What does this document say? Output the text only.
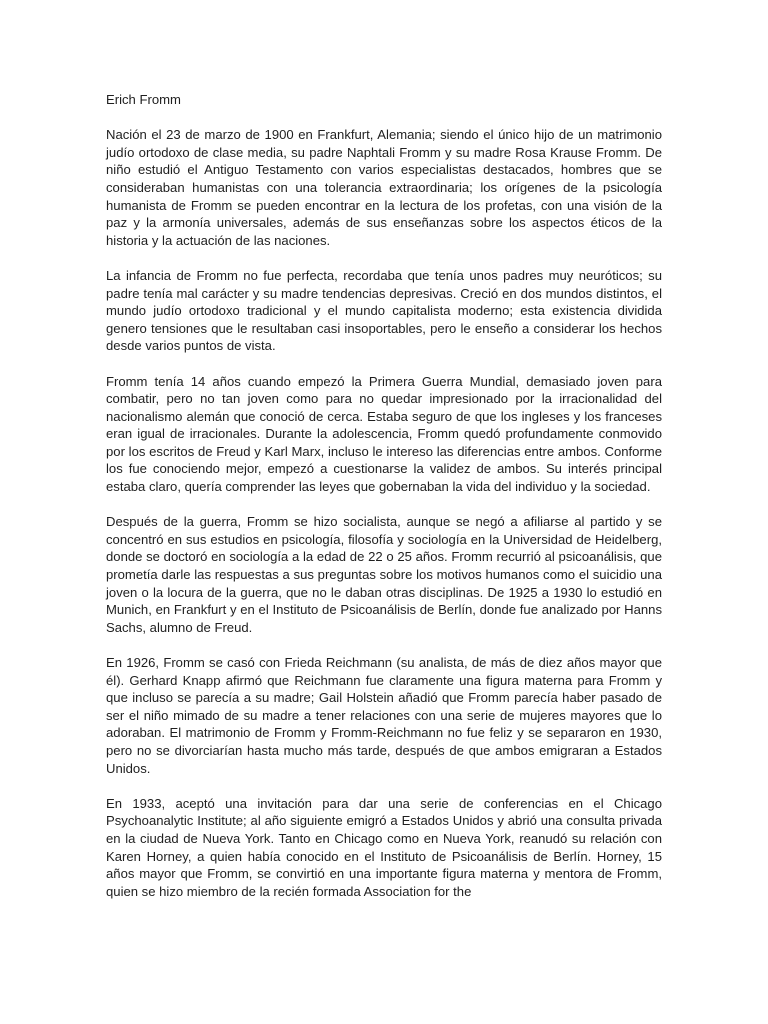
Erich Fromm

Nación el 23 de marzo de 1900 en Frankfurt, Alemania; siendo el único hijo de un matrimonio judío ortodoxo de clase media, su padre Naphtali Fromm y su madre Rosa Krause Fromm. De niño estudió el Antiguo Testamento con varios especialistas destacados, hombres que se consideraban humanistas con una tolerancia extraordinaria; los orígenes de la psicología humanista de Fromm se pueden encontrar en la lectura de los profetas, con una visión de la paz y la armonía universales, además de sus enseñanzas sobre los aspectos éticos de la historia y la actuación de las naciones.

La infancia de Fromm no fue perfecta, recordaba que tenía unos padres muy neuróticos; su padre tenía mal carácter y su madre tendencias depresivas. Creció en dos mundos distintos, el mundo judío ortodoxo tradicional y el mundo capitalista moderno; esta existencia dividida genero tensiones que le resultaban casi insoportables, pero le enseño a considerar los hechos desde varios puntos de vista.

Fromm tenía 14 años cuando empezó la Primera Guerra Mundial, demasiado joven para combatir, pero no tan joven como para no quedar impresionado por la irracionalidad del nacionalismo alemán que conoció de cerca. Estaba seguro de que los ingleses y los franceses eran igual de irracionales. Durante la adolescencia, Fromm quedó profundamente conmovido por los escritos de Freud y Karl Marx, incluso le intereso las diferencias entre ambos. Conforme los fue conociendo mejor, empezó a cuestionarse la validez de ambos. Su interés principal estaba claro, quería comprender las leyes que gobernaban la vida del individuo y la sociedad.

Después de la guerra, Fromm se hizo socialista, aunque se negó a afiliarse al partido y se concentró en sus estudios en psicología, filosofía y sociología en la Universidad de Heidelberg, donde se doctoró en sociología a la edad de 22 o 25 años. Fromm recurrió al psicoanálisis, que prometía darle las respuestas a sus preguntas sobre los motivos humanos como el suicidio una joven o la locura de la guerra, que no le daban otras disciplinas. De 1925 a 1930 lo estudió en Munich, en Frankfurt y en el Instituto de Psicoanálisis de Berlín, donde fue analizado por Hanns Sachs, alumno de Freud.

En 1926, Fromm se casó con Frieda Reichmann (su analista, de más de diez años mayor que él). Gerhard Knapp afirmó que Reichmann fue claramente una figura materna para Fromm y que incluso se parecía a su madre; Gail Holstein añadió que Fromm parecía haber pasado de ser el niño mimado de su madre a tener relaciones con una serie de mujeres mayores que lo adoraban. El matrimonio de Fromm y Fromm-Reichmann no fue feliz y se separaron en 1930, pero no se divorciarían hasta mucho más tarde, después de que ambos emigraran a Estados Unidos.

En 1933, aceptó una invitación para dar una serie de conferencias en el Chicago Psychoanalytic Institute; al año siguiente emigró a Estados Unidos y abrió una consulta privada en la ciudad de Nueva York. Tanto en Chicago como en Nueva York, reanudó su relación con Karen Horney, a quien había conocido en el Instituto de Psicoanálisis de Berlín. Horney, 15 años mayor que Fromm, se convirtió en una importante figura materna y mentora de Fromm, quien se hizo miembro de la recién formada Association for the
